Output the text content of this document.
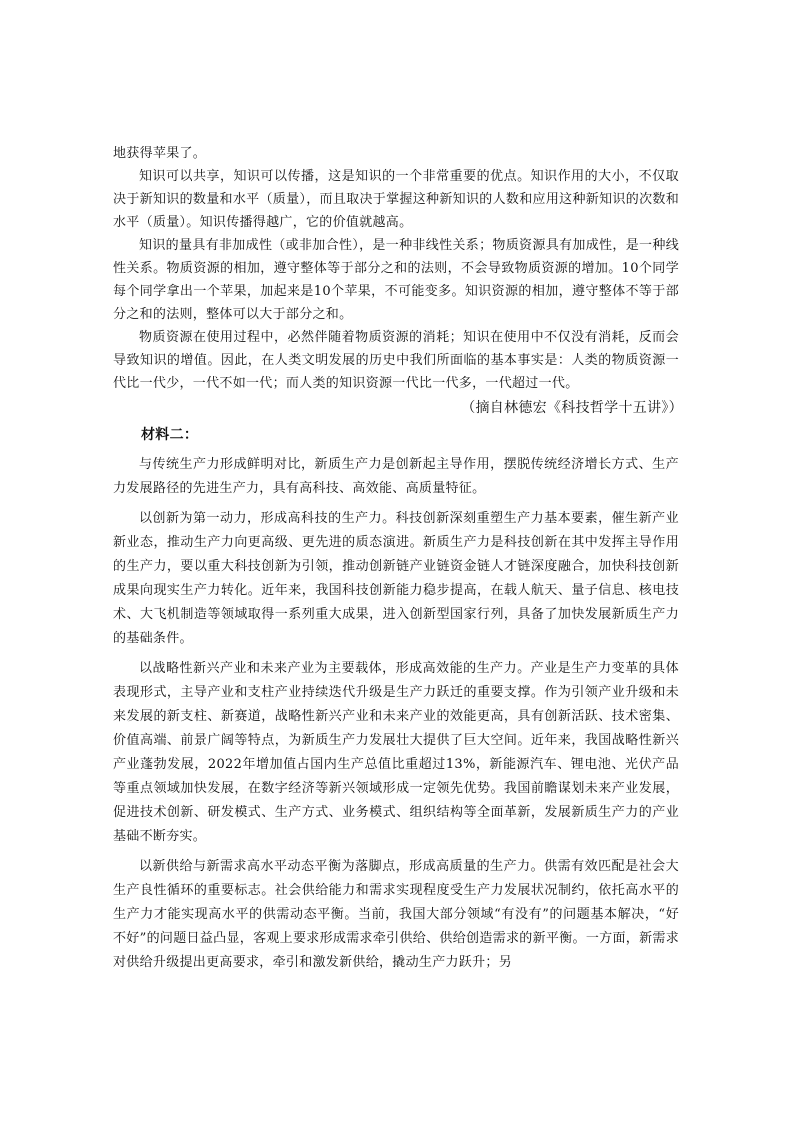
地获得苹果了。

知识可以共享，知识可以传播，这是知识的一个非常重要的优点。知识作用的大小，不仅取决于新知识的数量和水平（质量），而且取决于掌握这种新知识的人数和应用这种新知识的次数和水平（质量）。知识传播得越广，它的价值就越高。

知识的量具有非加成性（或非加合性），是一种非线性关系；物质资源具有加成性，是一种线性关系。物质资源的相加，遵守整体等于部分之和的法则，不会导致物质资源的增加。10个同学每个同学拿出一个苹果，加起来是10个苹果，不可能变多。知识资源的相加，遵守整体不等于部分之和的法则，整体可以大于部分之和。

物质资源在使用过程中，必然伴随着物质资源的消耗；知识在使用中不仅没有消耗，反而会导致知识的增值。因此，在人类文明发展的历史中我们所面临的基本事实是：人类的物质资源一代比一代少，一代不如一代；而人类的知识资源一代比一代多，一代超过一代。

（摘自林德宏《科技哲学十五讲》）

材料二：

与传统生产力形成鲜明对比，新质生产力是创新起主导作用，摆脱传统经济增长方式、生产力发展路径的先进生产力，具有高科技、高效能、高质量特征。

以创新为第一动力，形成高科技的生产力。科技创新深刻重塑生产力基本要素，催生新产业新业态，推动生产力向更高级、更先进的质态演进。新质生产力是科技创新在其中发挥主导作用的生产力，要以重大科技创新为引领，推动创新链产业链资金链人才链深度融合，加快科技创新成果向现实生产力转化。近年来，我国科技创新能力稳步提高，在载人航天、量子信息、核电技术、大飞机制造等领域取得一系列重大成果，进入创新型国家行列，具备了加快发展新质生产力的基础条件。

以战略性新兴产业和未来产业为主要载体，形成高效能的生产力。产业是生产力变革的具体表现形式，主导产业和支柱产业持续迭代升级是生产力跃迁的重要支撑。作为引领产业升级和未来发展的新支柱、新赛道，战略性新兴产业和未来产业的效能更高，具有创新活跃、技术密集、价值高端、前景广阔等特点，为新质生产力发展壮大提供了巨大空间。近年来，我国战略性新兴产业蓬勃发展，2022年增加值占国内生产总值比重超过13%，新能源汽车、锂电池、光伏产品等重点领域加快发展，在数字经济等新兴领域形成一定领先优势。我国前瞻谋划未来产业发展，促进技术创新、研发模式、生产方式、业务模式、组织结构等全面革新，发展新质生产力的产业基础不断夯实。

以新供给与新需求高水平动态平衡为落脚点，形成高质量的生产力。供需有效匹配是社会大生产良性循环的重要标志。社会供给能力和需求实现程度受生产力发展状况制约，依托高水平的生产力才能实现高水平的供需动态平衡。当前，我国大部分领域“有没有”的问题基本解决，“好不好”的问题日益凸显，客观上要求形成需求牵引供给、供给创造需求的新平衡。一方面，新需求对供给升级提出更高要求，牵引和激发新供给，撬动生产力跃升；另
